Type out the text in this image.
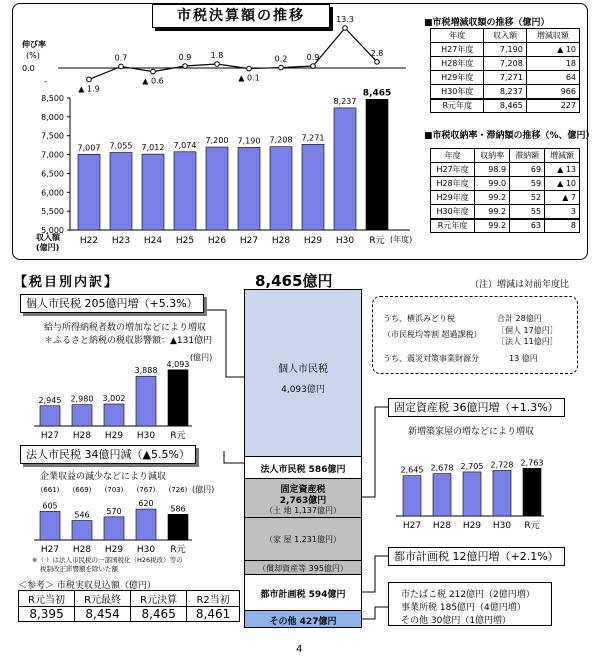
市税決算額の推移
伸び率
(%)
0.0
-
▲ 1.9
0.7
▲ 0.6
0.9 1.8
▲ 0.1
0.2 0.9
13.3
2.8
5,000
5,500
6,000
6,500
7,000
7,500
8,000
8,500
7,007
H22
7,055
H23
7,012
H24
7,074
H25
7,200
H26
7,190
H27
7,208
H28
7,271
H29
8,237
H30
8,465
R元
収入額
(億円)
(年度)
■市税増減収額の推移（億円）
年度	収入額	増減収額
H27年度	7,190	▲ 10
H28年度	7,208	18
H29年度	7,271	64
H30年度	8,237	966
R元年度	8,465	227
■市税収納率・滞納額の推移（%、億円）
年度	収納率	滞納額	増減額
H27年度	98.9	69	▲ 13
H28年度	99.0	59	▲ 10
H29年度	99.2	52	▲ 7
H30年度	99.2	55	3
R元年度	99.2	63	8
【税目別内訳】	8,465億円	（注）増減は対前年度比
個人市民税
4,093億円
法人市民税 586億円
固定資産税
2,763億円
（土 地 1,137億円）
（家 屋 1,231億円）
（償却資産等 395億円）
都市計画税 594億円
その他 427億円
うち、横浜みどり税	合計 28億円
（市民税均等割 超過課税） ［個人 17億円］
［法人 11億円］
うち、震災対策事業財源分	13 億円
個人市民税 205億円増（+5.3%）
給与所得納税者数の増加などにより増収
＊ふるさと納税の税収影響額：▲131億円
2,945
H27
2,980
H28
3,002
H29
3,888
H30
4,093
R元
(億円)
法人市民税 34億円減（▲5.5%）
企業収益の減少などにより減収
605
(661)
H27
546
(669)
H28
570
(703)
H29
620
(767)
H30
586
(726)
R元
(億円)
※（ ）は法人市民税の一部国税化（H26税改）等の
税制改正影響額を除いた額
固定資産税 36億円増（+1.3%）
新増築家屋の増などにより増収
2,645
H27
2,678
H28
2,705
H29
2,728
H30
2,763
R元
都市計画税 12億円増（+2.1%）
市たばこ税 212億円（2億円増）
事業所税 185億円（4億円増）
その他 30億円（1億円増）
＜参考＞ 市税実収見込額（億円）
R元当初	R元最終	R元決算	R2当初
8,395	8,454	8,465	8,461
4
